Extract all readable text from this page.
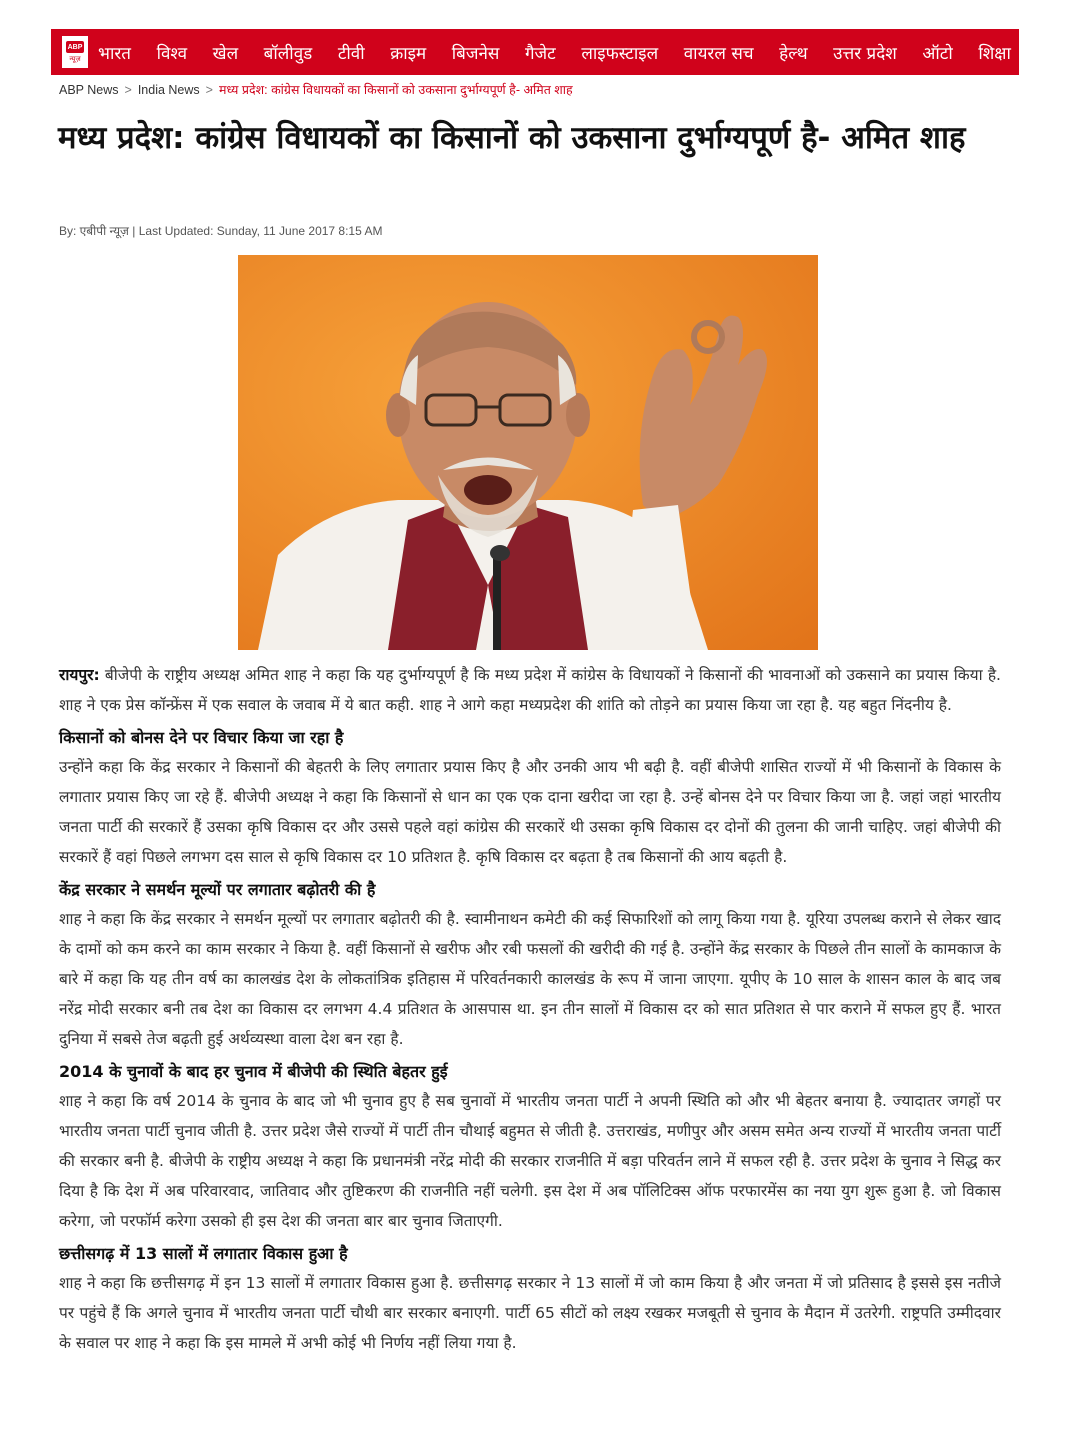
ABP
न्यूज़ भारत विश्व खेल बॉलीवुड टीवी क्राइम बिजनेस गैजेट लाइफस्टाइल वायरल सच हेल्थ उत्तर प्रदेश ऑटो शिक्षा
ABP News > India News > मध्य प्रदेश: कांग्रेस विधायकों का किसानों को उकसाना दुर्भाग्यपूर्ण है- अमित शाह
मध्य प्रदेश: कांग्रेस विधायकों का किसानों को उकसाना दुर्भाग्यपूर्ण है- अमित शाह
By: एबीपी न्यूज़ | Last Updated: Sunday, 11 June 2017 8:15 AM

रायपुर: बीजेपी के राष्ट्रीय अध्यक्ष अमित शाह ने कहा कि यह दुर्भाग्यपूर्ण है कि मध्य प्रदेश में कांग्रेस के विधायकों ने किसानों की भावनाओं को उकसाने का प्रयास किया है. शाह ने एक प्रेस कॉन्फ्रेंस में एक सवाल के जवाब में ये बात कही. शाह ने आगे कहा मध्यप्रदेश की शांति को तोड़ने का प्रयास किया जा रहा है. यह बहुत निंदनीय है.

किसानों को बोनस देने पर विचार किया जा रहा है

उन्होंने कहा कि केंद्र सरकार ने किसानों की बेहतरी के लिए लगातार प्रयास किए है और उनकी आय भी बढ़ी है. वहीं बीजेपी शासित राज्यों में भी किसानों के विकास के लगातार प्रयास किए जा रहे हैं. बीजेपी अध्यक्ष ने कहा कि किसानों से धान का एक एक दाना खरीदा जा रहा है. उन्हें बोनस देने पर विचार किया जा है. जहां जहां भारतीय जनता पार्टी की सरकारें हैं उसका कृषि विकास दर और उससे पहले वहां कांग्रेस की सरकारें थी उसका कृषि विकास दर दोनों की तुलना की जानी चाहिए. जहां बीजेपी की सरकारें हैं वहां पिछले लगभग दस साल से कृषि विकास दर 10 प्रतिशत है. कृषि विकास दर बढ़ता है तब किसानों की आय बढ़ती है.

केंद्र सरकार ने समर्थन मूल्यों पर लगातार बढ़ोतरी की है

शाह ने कहा कि केंद्र सरकार ने समर्थन मूल्यों पर लगातार बढ़ोतरी की है. स्वामीनाथन कमेटी की कई सिफारिशों को लागू किया गया है. यूरिया उपलब्ध कराने से लेकर खाद के दामों को कम करने का काम सरकार ने किया है. वहीं किसानों से खरीफ और रबी फसलों की खरीदी की गई है. उन्होंने केंद्र सरकार के पिछले तीन सालों के कामकाज के बारे में कहा कि यह तीन वर्ष का कालखंड देश के लोकतांत्रिक इतिहास में परिवर्तनकारी कालखंड के रूप में जाना जाएगा. यूपीए के 10 साल के शासन काल के बाद जब नरेंद्र मोदी सरकार बनी तब देश का विकास दर लगभग 4.4 प्रतिशत के आसपास था. इन तीन सालों में विकास दर को सात प्रतिशत से पार कराने में सफल हुए हैं. भारत दुनिया में सबसे तेज बढ़ती हुई अर्थव्यस्था वाला देश बन रहा है.

2014 के चुनावों के बाद हर चुनाव में बीजेपी की स्थिति बेहतर हुई

शाह ने कहा कि वर्ष 2014 के चुनाव के बाद जो भी चुनाव हुए है सब चुनावों में भारतीय जनता पार्टी ने अपनी स्थिति को और भी बेहतर बनाया है. ज्यादातर जगहों पर भारतीय जनता पार्टी चुनाव जीती है. उत्तर प्रदेश जैसे राज्यों में पार्टी तीन चौथाई बहुमत से जीती है. उत्तराखंड, मणीपुर और असम समेत अन्य राज्यों में भारतीय जनता पार्टी की सरकार बनी है. बीजेपी के राष्ट्रीय अध्यक्ष ने कहा कि प्रधानमंत्री नरेंद्र मोदी की सरकार राजनीति में बड़ा परिवर्तन लाने में सफल रही है. उत्तर प्रदेश के चुनाव ने सिद्ध कर दिया है कि देश में अब परिवारवाद, जातिवाद और तुष्टिकरण की राजनीति नहीं चलेगी. इस देश में अब पॉलिटिक्स ऑफ परफारमेंस का नया युग शुरू हुआ है. जो विकास करेगा, जो परफॉर्म करेगा उसको ही इस देश की जनता बार बार चुनाव जिताएगी.

छत्तीसगढ़ में 13 सालों में लगातार विकास हुआ है

शाह ने कहा कि छत्तीसगढ़ में इन 13 सालों में लगातार विकास हुआ है. छत्तीसगढ़ सरकार ने 13 सालों में जो काम किया है और जनता में जो प्रतिसाद है इससे इस नतीजे पर पहुंचे हैं कि अगले चुनाव में भारतीय जनता पार्टी चौथी बार सरकार बनाएगी. पार्टी 65 सीटों को लक्ष्य रखकर मजबूती से चुनाव के मैदान में उतरेगी. राष्ट्रपति उम्मीदवार के सवाल पर शाह ने कहा कि इस मामले में अभी कोई भी निर्णय नहीं लिया गया है.
